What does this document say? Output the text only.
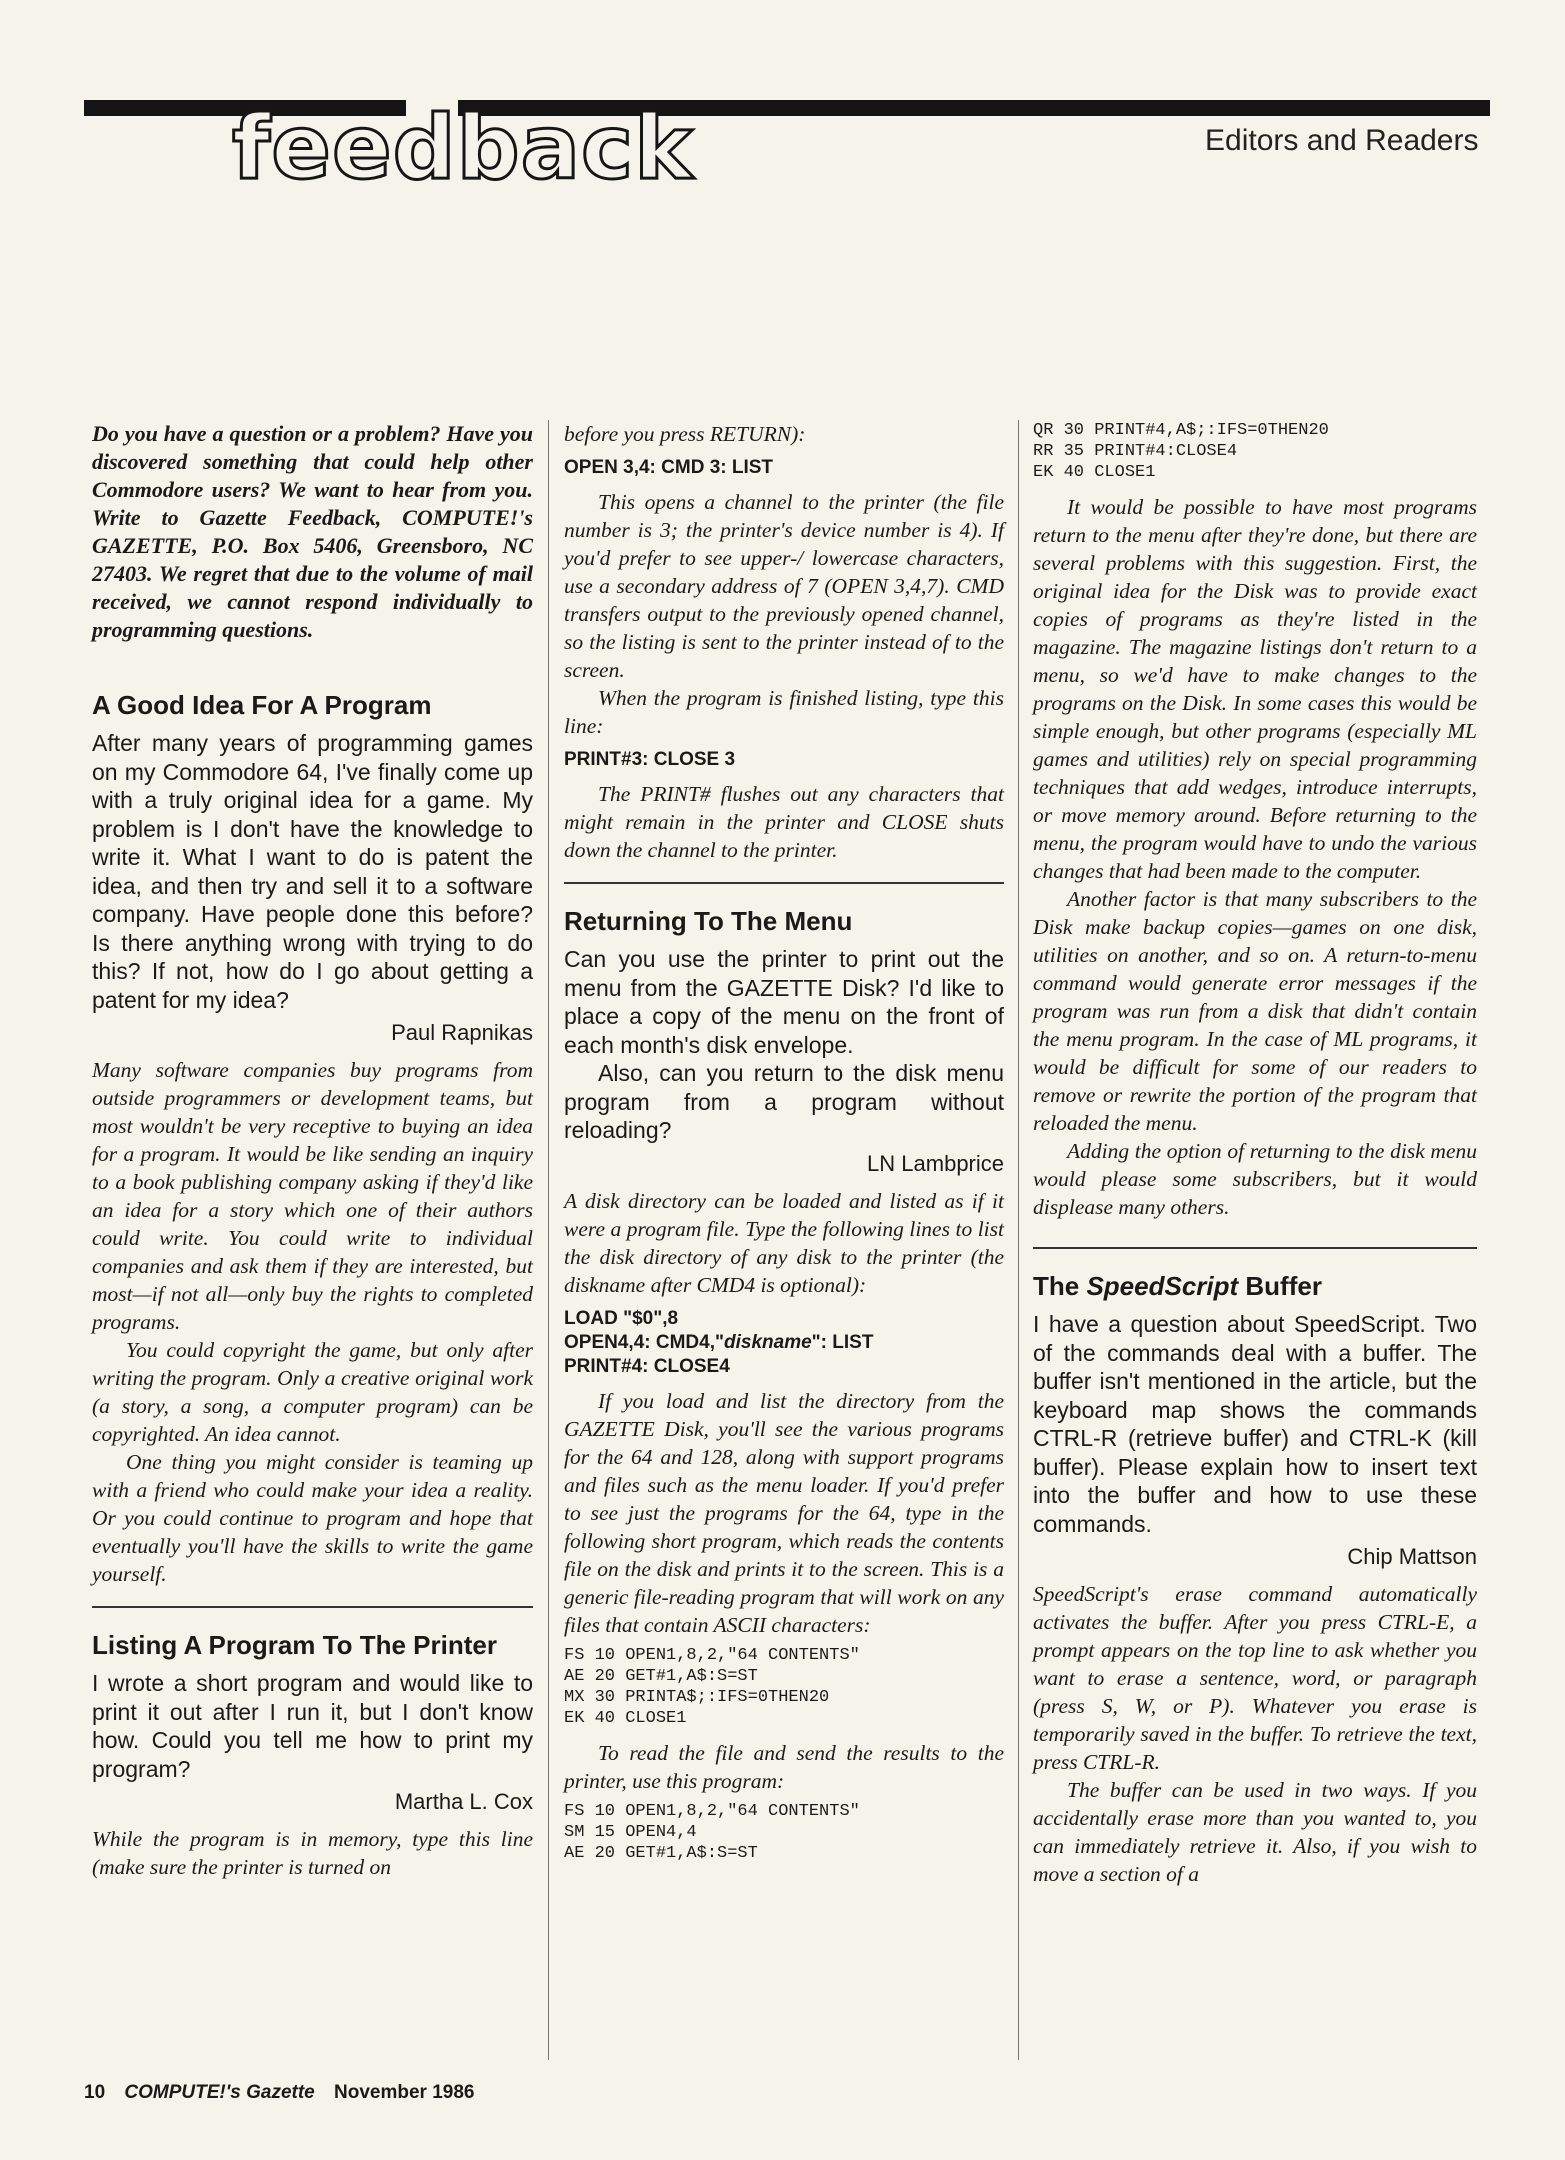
feedback	Editors and Readers

Do you have a question or a problem? Have you discovered something that could help other Commodore users? We want to hear from you. Write to Gazette Feedback, COMPUTE!'s GAZETTE, P.O. Box 5406, Greensboro, NC 27403. We regret that due to the volume of mail received, we cannot respond individually to programming questions.

A Good Idea For A Program

After many years of programming games on my Commodore 64, I've finally come up with a truly original idea for a game. My problem is I don't have the knowledge to write it. What I want to do is patent the idea, and then try and sell it to a software company. Have people done this before? Is there anything wrong with trying to do this? If not, how do I go about getting a patent for my idea?

Paul Rapnikas

Many software companies buy programs from outside programmers or development teams, but most wouldn't be very receptive to buying an idea for a program. It would be like sending an inquiry to a book publishing company asking if they'd like an idea for a story which one of their authors could write. You could write to individual companies and ask them if they are interested, but most—if not all—only buy the rights to completed programs.

You could copyright the game, but only after writing the program. Only a creative original work (a story, a song, a computer program) can be copyrighted. An idea cannot.

One thing you might consider is teaming up with a friend who could make your idea a reality. Or you could continue to program and hope that eventually you'll have the skills to write the game yourself.

Listing A Program To The Printer

I wrote a short program and would like to print it out after I run it, but I don't know how. Could you tell me how to print my program?

Martha L. Cox

While the program is in memory, type this line (make sure the printer is turned on

before you press RETURN):

OPEN 3,4: CMD 3: LIST

This opens a channel to the printer (the file number is 3; the printer's device number is 4). If you'd prefer to see upper-/ lowercase characters, use a secondary address of 7 (OPEN 3,4,7). CMD transfers output to the previously opened channel, so the listing is sent to the printer instead of to the screen.

When the program is finished listing, type this line:

PRINT#3: CLOSE 3

The PRINT# flushes out any characters that might remain in the printer and CLOSE shuts down the channel to the printer.

Returning To The Menu

Can you use the printer to print out the menu from the GAZETTE Disk? I'd like to place a copy of the menu on the front of each month's disk envelope.

Also, can you return to the disk menu program from a program without reloading?

LN Lambprice

A disk directory can be loaded and listed as if it were a program file. Type the following lines to list the disk directory of any disk to the printer (the diskname after CMD4 is optional):

LOAD "$0",8
OPEN4,4: CMD4,"diskname": LIST
PRINT#4: CLOSE4

If you load and list the directory from the GAZETTE Disk, you'll see the various programs for the 64 and 128, along with support programs and files such as the menu loader. If you'd prefer to see just the programs for the 64, type in the following short program, which reads the contents file on the disk and prints it to the screen. This is a generic file-reading program that will work on any files that contain ASCII characters:

FS 10 OPEN1,8,2,"64 CONTENTS"
AE 20 GET#1,A$:S=ST
MX 30 PRINTA$;:IFS=0THEN20
EK 40 CLOSE1

To read the file and send the results to the printer, use this program:

FS 10 OPEN1,8,2,"64 CONTENTS"
SM 15 OPEN4,4
AE 20 GET#1,A$:S=ST
QR 30 PRINT#4,A$;:IFS=0THEN20
RR 35 PRINT#4:CLOSE4
EK 40 CLOSE1

It would be possible to have most programs return to the menu after they're done, but there are several problems with this suggestion. First, the original idea for the Disk was to provide exact copies of programs as they're listed in the magazine. The magazine listings don't return to a menu, so we'd have to make changes to the programs on the Disk. In some cases this would be simple enough, but other programs (especially ML games and utilities) rely on special programming techniques that add wedges, introduce interrupts, or move memory around. Before returning to the menu, the program would have to undo the various changes that had been made to the computer.

Another factor is that many subscribers to the Disk make backup copies—games on one disk, utilities on another, and so on. A return-to-menu command would generate error messages if the program was run from a disk that didn't contain the menu program. In the case of ML programs, it would be difficult for some of our readers to remove or rewrite the portion of the program that reloaded the menu.

Adding the option of returning to the disk menu would please some subscribers, but it would displease many others.

The SpeedScript Buffer

I have a question about SpeedScript. Two of the commands deal with a buffer. The buffer isn't mentioned in the article, but the keyboard map shows the commands CTRL-R (retrieve buffer) and CTRL-K (kill buffer). Please explain how to insert text into the buffer and how to use these commands.

Chip Mattson

SpeedScript's erase command automatically activates the buffer. After you press CTRL-E, a prompt appears on the top line to ask whether you want to erase a sentence, word, or paragraph (press S, W, or P). Whatever you erase is temporarily saved in the buffer. To retrieve the text, press CTRL-R.

The buffer can be used in two ways. If you accidentally erase more than you wanted to, you can immediately retrieve it. Also, if you wish to move a section of a

10 COMPUTE!'s Gazette November 1986
